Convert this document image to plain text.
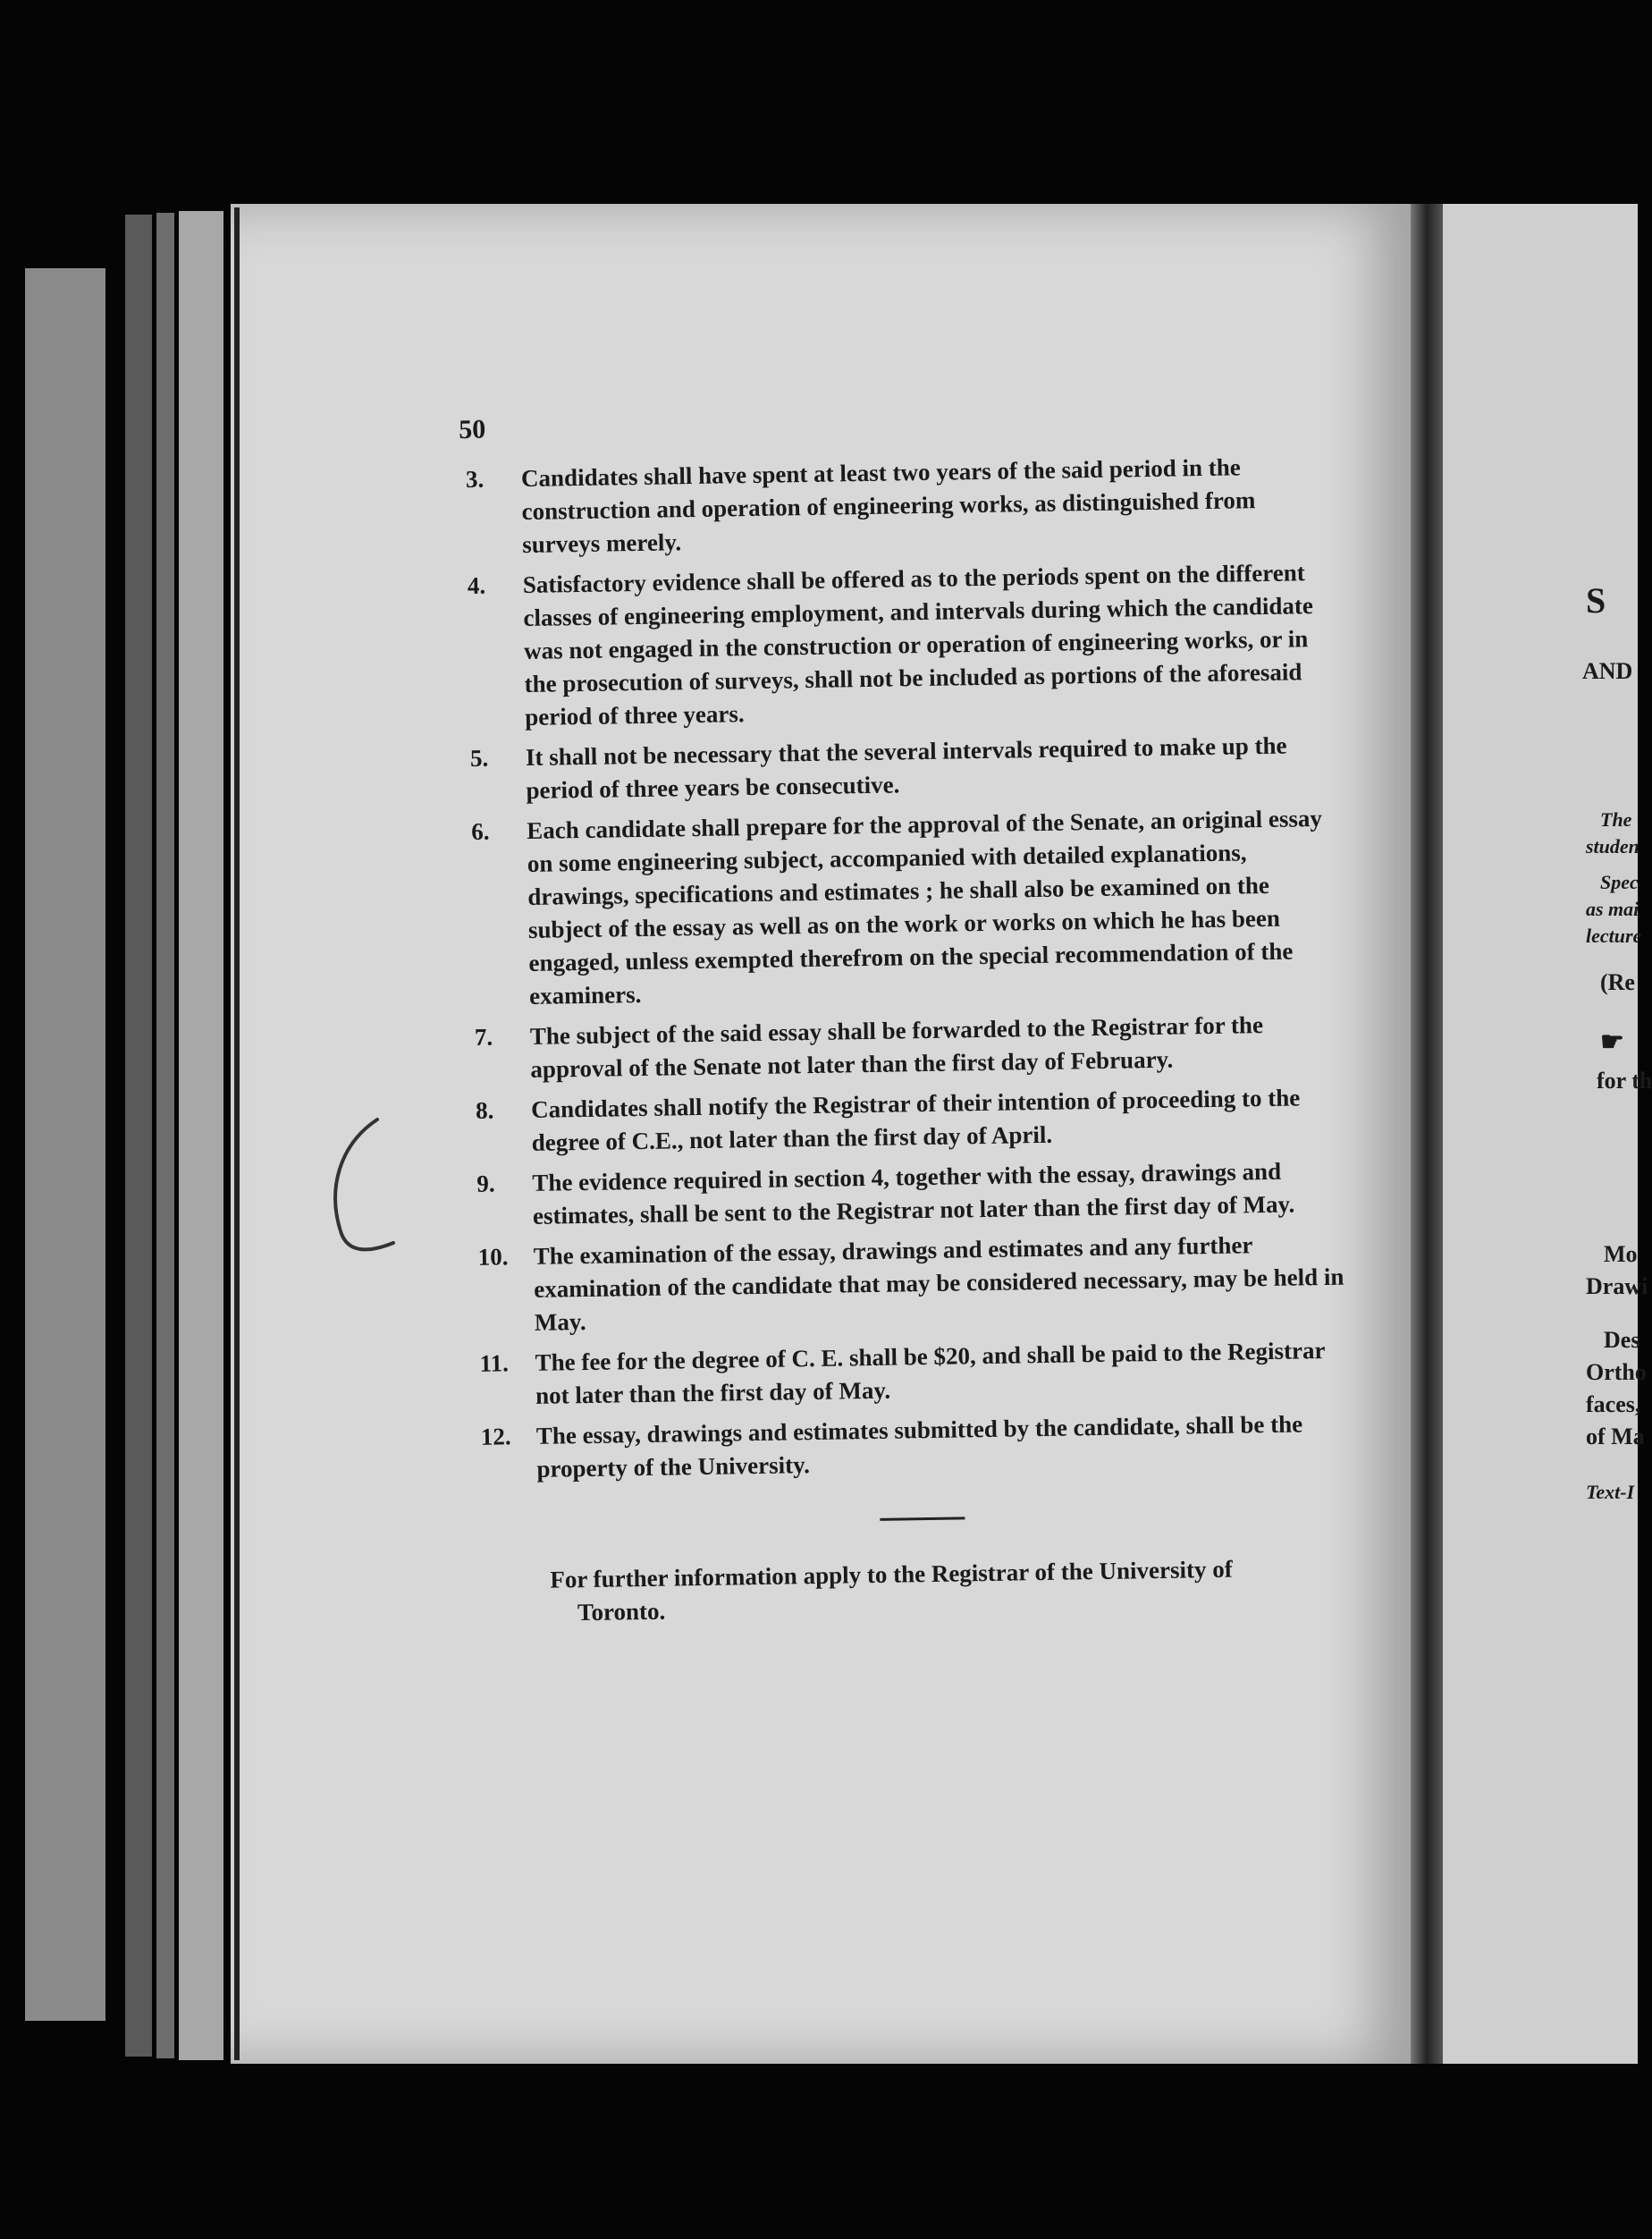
S
AND
The
studen
Spec
as mai
lecture
(Re
☛
for th
Mo
Drawi
Des
Ortho
faces,
of Ma
Text-I
50
3.	Candidates shall have spent at least two years of the said period in the construction and operation of engineering works, as distinguished from surveys merely.
4.	Satisfactory evidence shall be offered as to the periods spent on the different classes of engineering employment, and intervals during which the candidate was not engaged in the construction or operation of engineering works, or in the prosecution of surveys, shall not be included as portions of the aforesaid period of three years.
5.	It shall not be necessary that the several intervals required to make up the period of three years be consecutive.
6.	Each candidate shall prepare for the approval of the Senate, an original essay on some engineering subject, accompanied with detailed explanations, drawings, specifications and estimates ; he shall also be examined on the subject of the essay as well as on the work or works on which he has been engaged, unless exempted therefrom on the special recommendation of the examiners.
7.	The subject of the said essay shall be forwarded to the Registrar for the approval of the Senate not later than the first day of February.
8.	Candidates shall notify the Registrar of their intention of proceeding to the degree of C.E., not later than the first day of April.
9.	The evidence required in section 4, together with the essay, drawings and estimates, shall be sent to the Registrar not later than the first day of May.
10.	The examination of the essay, drawings and estimates and any further examination of the candidate that may be considered necessary, may be held in May.
11.	The fee for the degree of C. E. shall be $20, and shall be paid to the Registrar not later than the first day of May.
12.	The essay, drawings and estimates submitted by the candidate, shall be the property of the University.
For further information apply to the Registrar of the University of
Toronto.
